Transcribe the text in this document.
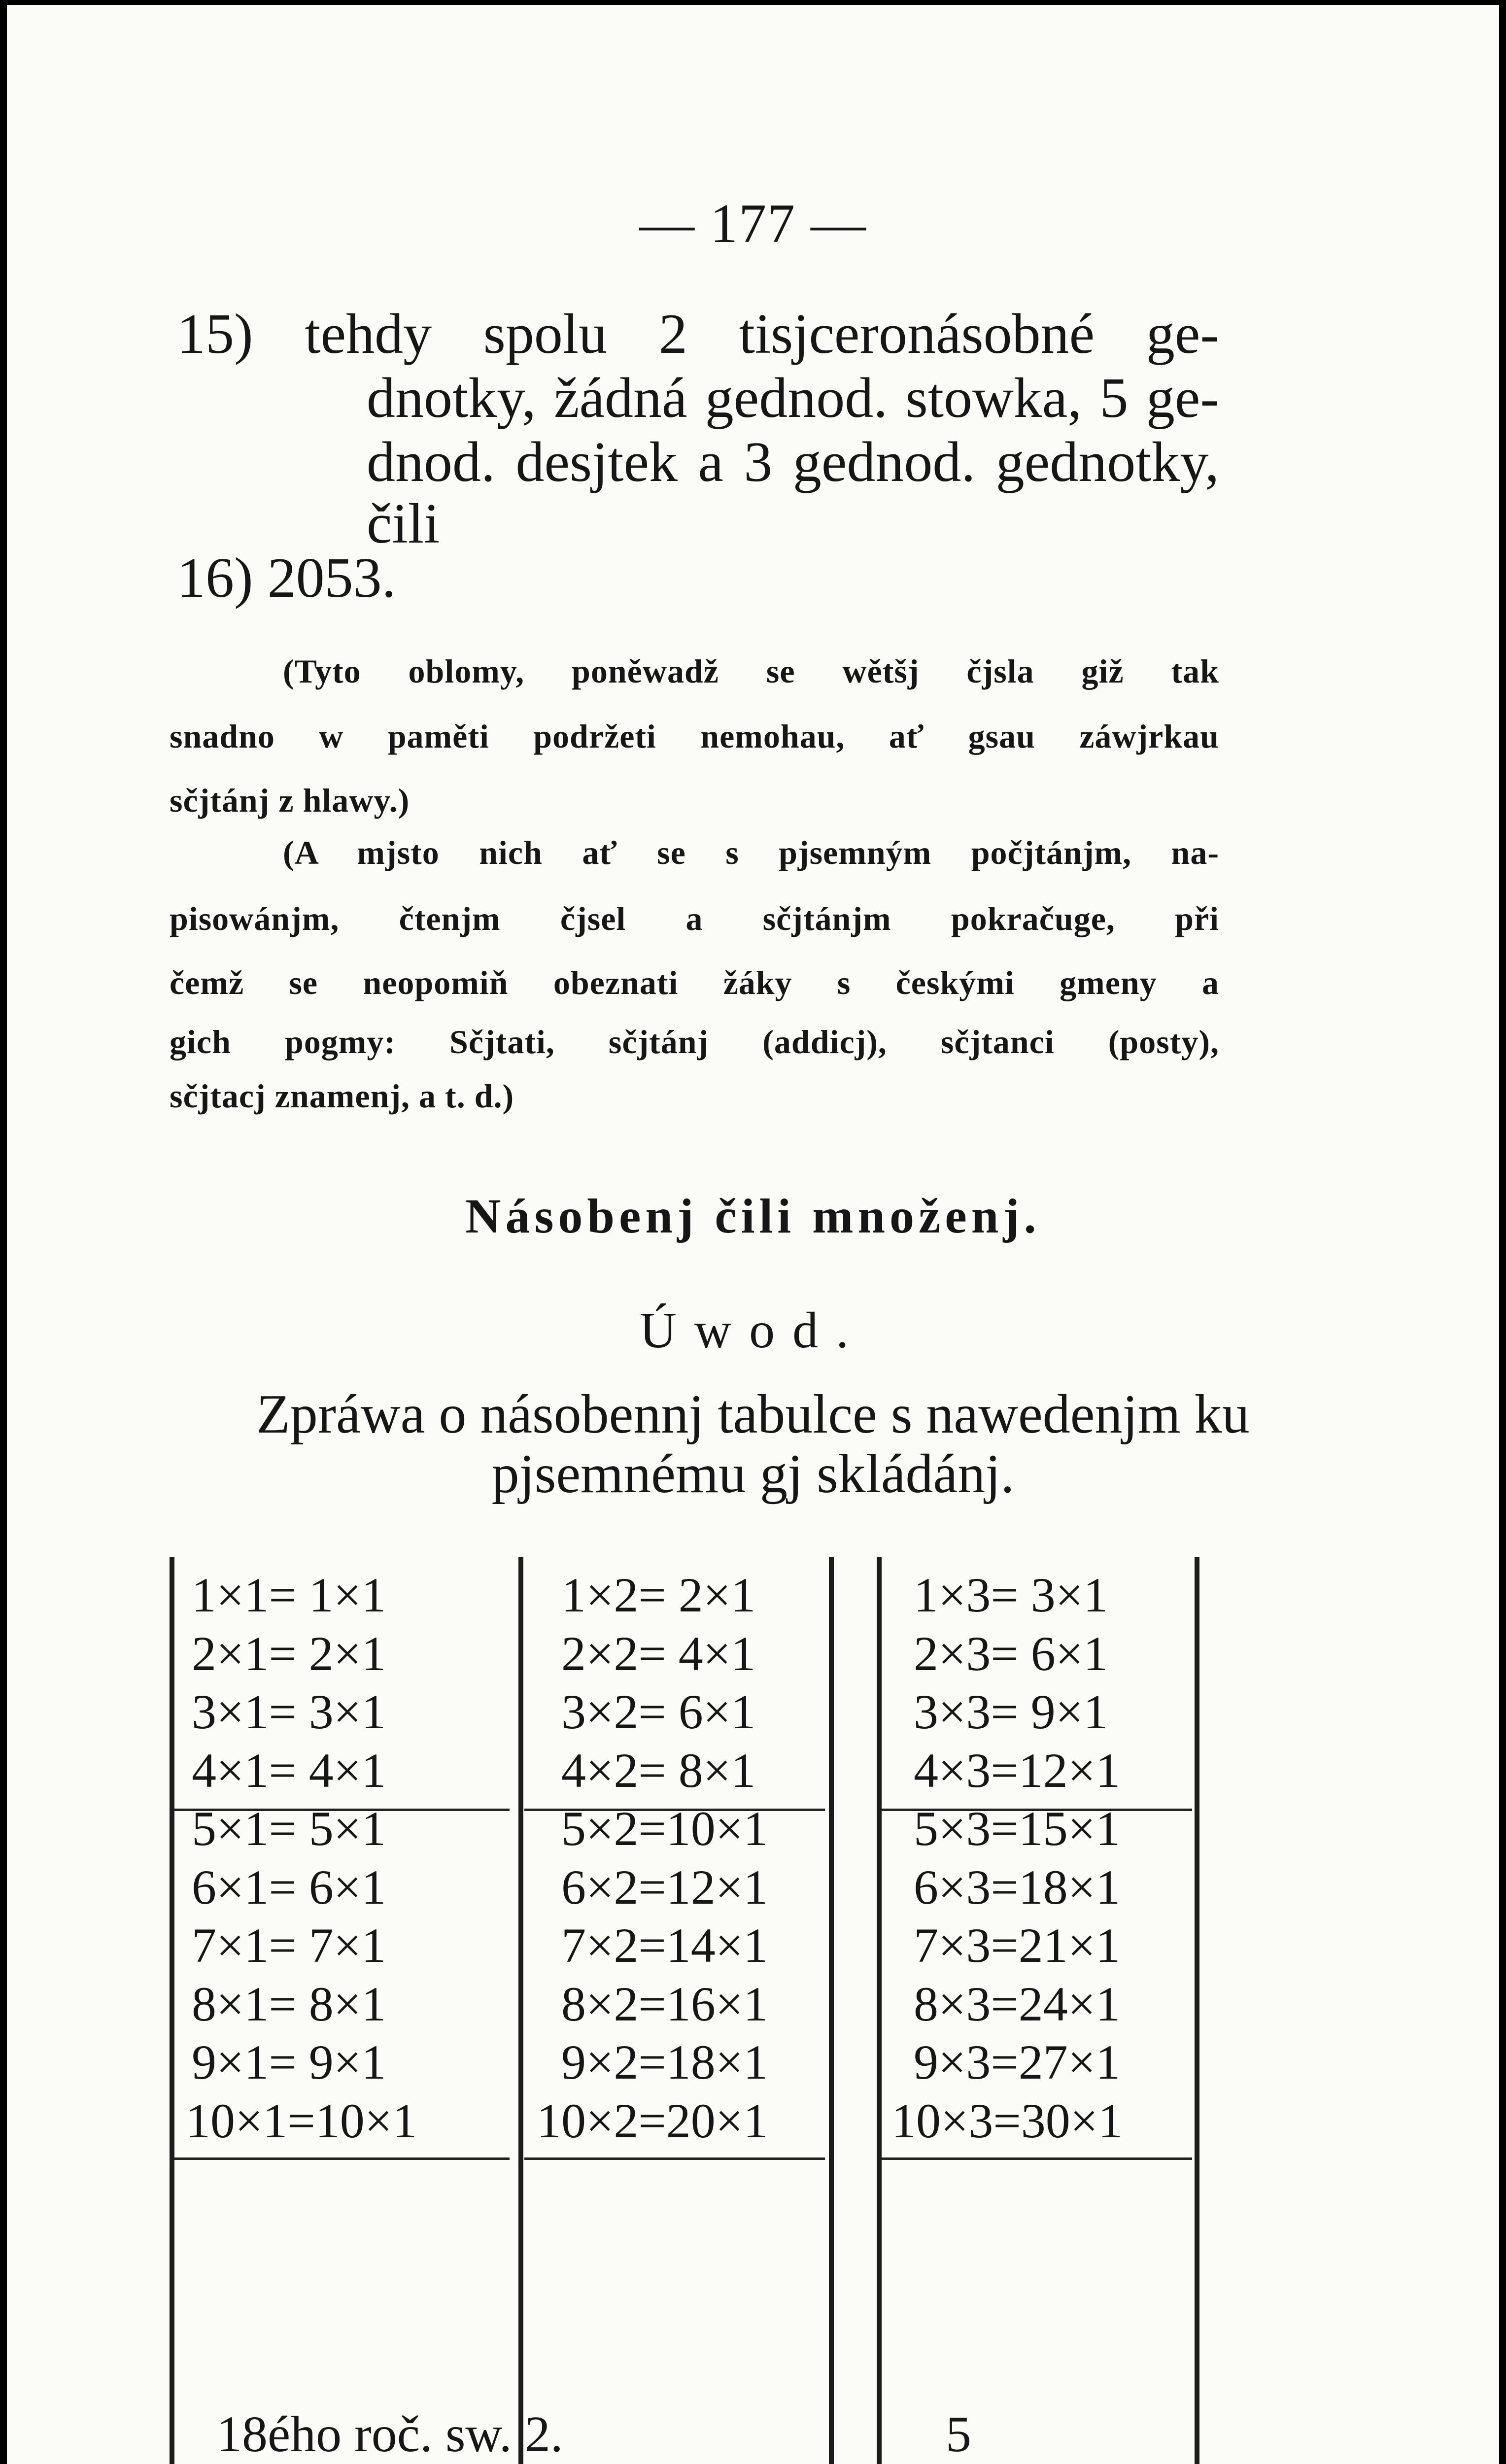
— 177 —
15) tehdy spolu 2 tisjceronásobné ge-
dnotky, žádná gednod. stowka, 5 ge-
dnod. desjtek a 3 gednod. gednotky,
čili
16) 2053.
(Tyto oblomy, poněwadž se wětšj čjsla giž tak
snadno w paměti podržeti nemohau, ať gsau záwjrkau
sčjtánj z hlawy.)
(A mjsto nich ať se s pjsemným počjtánjm, na-
pisowánjm, čtenjm čjsel a sčjtánjm pokračuge, při
čemž se neopomiň obeznati žáky s českými gmeny a
gich pogmy: Sčjtati, sčjtánj (addicj), sčjtanci (posty),
sčjtacj znamenj, a t. d.)
Násobenj čili množenj.
Úwod.
Zpráwa o násobennj tabulce s nawedenjm ku
pjsemnému gj skládánj.
1×1= 1×1
2×1= 2×1
3×1= 3×1
4×1= 4×1
5×1= 5×1
6×1= 6×1
7×1= 7×1
8×1= 8×1
9×1= 9×1
10×1=10×1
1×2= 2×1
2×2= 4×1
3×2= 6×1
4×2= 8×1
5×2=10×1
6×2=12×1
7×2=14×1
8×2=16×1
9×2=18×1
10×2=20×1
1×3= 3×1
2×3= 6×1
3×3= 9×1
4×3=12×1
5×3=15×1
6×3=18×1
7×3=21×1
8×3=24×1
9×3=27×1
10×3=30×1
18ého roč. sw. 2.	5
